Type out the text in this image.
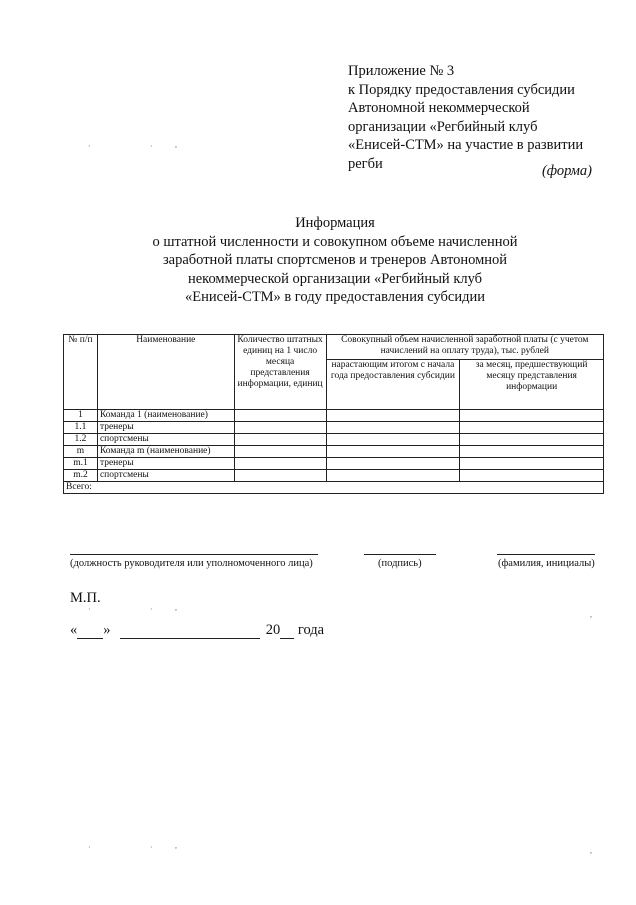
Приложение № 3
к Порядку предоставления субсидии
Автономной некоммерческой
организации «Регбийный клуб
«Енисей-СТМ» на участие в развитии
регби	(форма)
Информация
о штатной численности и совокупном объеме начисленной
заработной платы спортсменов и тренеров Автономной
некоммерческой организации «Регбийный клуб
«Енисей-СТМ» в году предоставления субсидии
№ п/п	Наименование	Количество штатных единиц на 1 число месяца представления информации, единиц	Совокупный объем начисленной заработной платы (с учетом начислений на оплату труда), тыс. рублей	
			нарастающим итогом с начала года предоставления субсидии	за месяц, предшествующий месяцу представления информации
1	Команда 1 (наименование)			
1.1	тренеры			
1.2	спортсмены			
m	Команда m (наименование)			
m.1	тренеры			
m.2	спортсмены			
Всего:				
(должность руководителя или уполномоченного лица)	(подпись)	(фамилия, инициалы)
М.П.
« »	20 года
·	·	,
·	·	,
,
·	·	,
,
